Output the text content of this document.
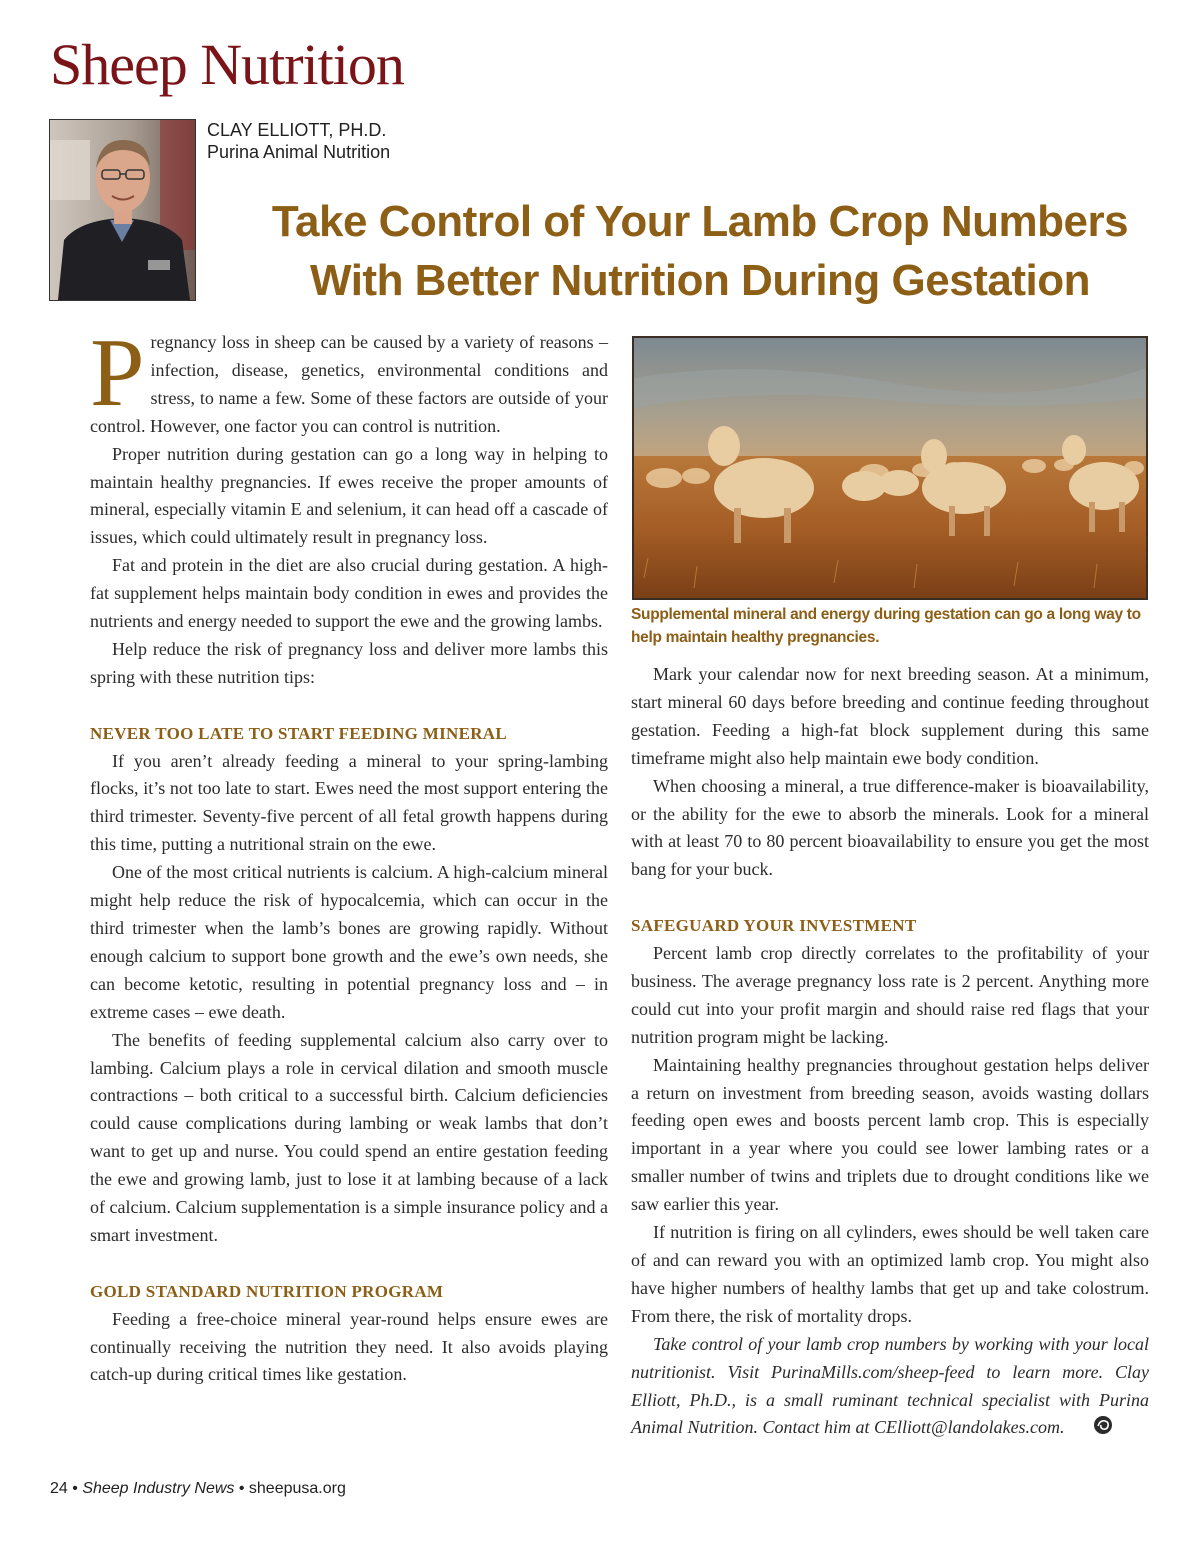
Sheep Nutrition

CLAY ELLIOTT, PH.D.

Purina Animal Nutrition

Take Control of Your Lamb Crop Numbers
With Better Nutrition During Gestation

Pregnancy loss in sheep can be caused by a variety of reasons – infection, disease, genetics, environmental conditions and stress, to name a few. Some of these factors are outside of your control. However, one factor you can control is nutrition.

Proper nutrition during gestation can go a long way in helping to maintain healthy pregnancies. If ewes receive the proper amounts of mineral, especially vitamin E and selenium, it can head off a cascade of issues, which could ultimately result in pregnancy loss.

Fat and protein in the diet are also crucial during gestation. A high-fat supplement helps maintain body condition in ewes and provides the nutrients and energy needed to support the ewe and the growing lambs.

Help reduce the risk of pregnancy loss and deliver more lambs this spring with these nutrition tips:

NEVER TOO LATE TO START FEEDING MINERAL

If you aren’t already feeding a mineral to your spring-lambing flocks, it’s not too late to start. Ewes need the most support entering the third trimester. Seventy-five percent of all fetal growth happens during this time, putting a nutritional strain on the ewe.

One of the most critical nutrients is calcium. A high-calcium mineral might help reduce the risk of hypocalcemia, which can occur in the third trimester when the lamb’s bones are growing rapidly. Without enough calcium to support bone growth and the ewe’s own needs, she can become ketotic, resulting in potential pregnancy loss and – in extreme cases – ewe death.

The benefits of feeding supplemental calcium also carry over to lambing. Calcium plays a role in cervical dilation and smooth muscle contractions – both critical to a successful birth. Calcium deficiencies could cause complications during lambing or weak lambs that don’t want to get up and nurse. You could spend an entire gestation feeding the ewe and growing lamb, just to lose it at lambing because of a lack of calcium. Calcium supplementation is a simple insurance policy and a smart investment.

GOLD STANDARD NUTRITION PROGRAM

Feeding a free-choice mineral year-round helps ensure ewes are continually receiving the nutrition they need. It also avoids playing catch-up during critical times like gestation.

Supplemental mineral and energy during gestation can go a long way to help maintain healthy pregnancies.

Mark your calendar now for next breeding season. At a minimum, start mineral 60 days before breeding and continue feeding throughout gestation. Feeding a high-fat block supplement during this same timeframe might also help maintain ewe body condition.

When choosing a mineral, a true difference-maker is bioavailability, or the ability for the ewe to absorb the minerals. Look for a mineral with at least 70 to 80 percent bioavailability to ensure you get the most bang for your buck.

SAFEGUARD YOUR INVESTMENT

Percent lamb crop directly correlates to the profitability of your business. The average pregnancy loss rate is 2 percent. Anything more could cut into your profit margin and should raise red flags that your nutrition program might be lacking.

Maintaining healthy pregnancies throughout gestation helps deliver a return on investment from breeding season, avoids wasting dollars feeding open ewes and boosts percent lamb crop. This is especially important in a year where you could see lower lambing rates or a smaller number of twins and triplets due to drought conditions like we saw earlier this year.

If nutrition is firing on all cylinders, ewes should be well taken care of and can reward you with an optimized lamb crop. You might also have higher numbers of healthy lambs that get up and take colostrum. From there, the risk of mortality drops.

Take control of your lamb crop numbers by working with your local nutritionist. Visit PurinaMills.com/sheep-feed to learn more. Clay Elliott, Ph.D., is a small ruminant technical specialist with Purina Animal Nutrition. Contact him at CElliott@landolakes.com.

24 • Sheep Industry News • sheepusa.org
